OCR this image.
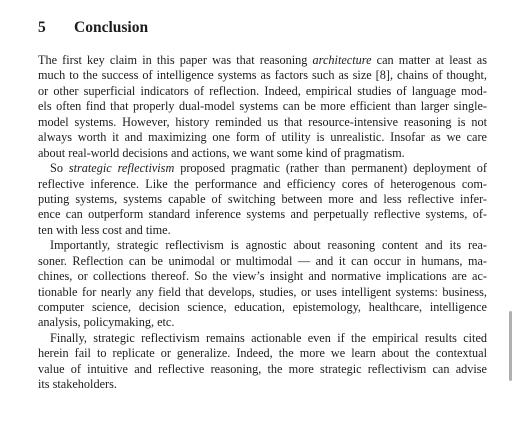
5 Conclusion
The first key claim in this paper was that reasoning architecture can matter at least as
much to the success of intelligence systems as factors such as size [8], chains of thought,
or other superficial indicators of reflection. Indeed, empirical studies of language mod-
els often find that properly dual-model systems can be more efficient than larger single-
model systems. However, history reminded us that resource-intensive reasoning is not
always worth it and maximizing one form of utility is unrealistic. Insofar as we care
about real-world decisions and actions, we want some kind of pragmatism.
So strategic reflectivism proposed pragmatic (rather than permanent) deployment of
reflective inference. Like the performance and efficiency cores of heterogenous com-
puting systems, systems capable of switching between more and less reflective infer-
ence can outperform standard inference systems and perpetually reflective systems, of-
ten with less cost and time.
Importantly, strategic reflectivism is agnostic about reasoning content and its rea-
soner. Reflection can be unimodal or multimodal — and it can occur in humans, ma-
chines, or collections thereof. So the view’s insight and normative implications are ac-
tionable for nearly any field that develops, studies, or uses intelligent systems: business,
computer science, decision science, education, epistemology, healthcare, intelligence
analysis, policymaking, etc.
Finally, strategic reflectivism remains actionable even if the empirical results cited
herein fail to replicate or generalize. Indeed, the more we learn about the contextual
value of intuitive and reflective reasoning, the more strategic reflectivism can advise
its stakeholders.
